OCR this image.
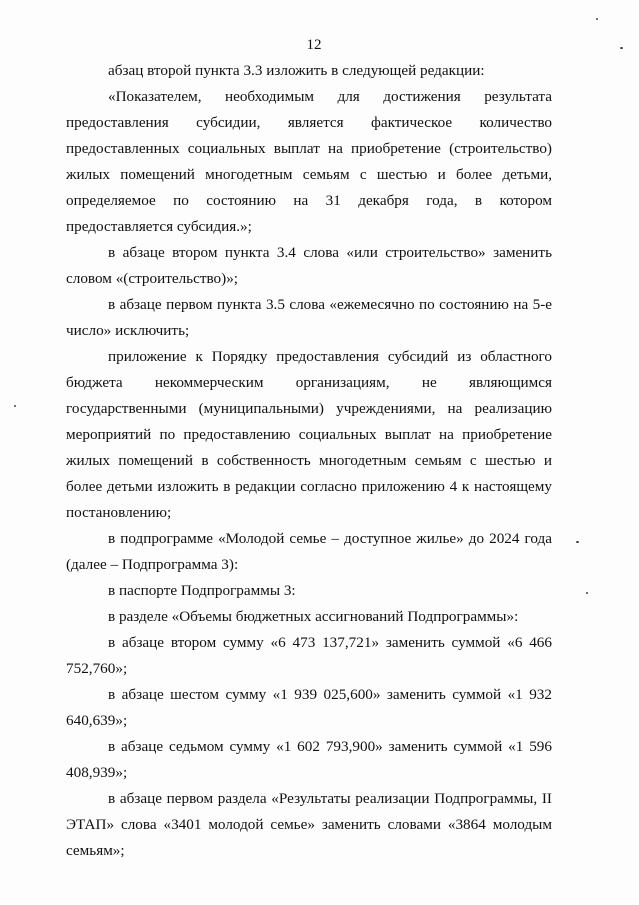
12

абзац второй пункта 3.3 изложить в следующей редакции:

«Показателем, необходимым для достижения результата предоставления субсидии, является фактическое количество предоставленных социальных выплат на приобретение (строительство) жилых помещений многодетным семьям с шестью и более детьми, определяемое по состоянию на 31 декабря года, в котором предоставляется субсидия.»;

в абзаце втором пункта 3.4 слова «или строительство» заменить словом «(строительство)»;

в абзаце первом пункта 3.5 слова «ежемесячно по состоянию на 5-е число» исключить;

приложение к Порядку предоставления субсидий из областного бюджета некоммерческим организациям, не являющимся государственными (муниципальными) учреждениями, на реализацию мероприятий по предоставлению социальных выплат на приобретение жилых помещений в собственность многодетным семьям с шестью и более детьми изложить в редакции согласно приложению 4 к настоящему постановлению;

в подпрограмме «Молодой семье – доступное жилье» до 2024 года (далее – Подпрограмма 3):

в паспорте Подпрограммы 3:

в разделе «Объемы бюджетных ассигнований Подпрограммы»:

в абзаце втором сумму «6 473 137,721» заменить суммой «6 466 752,760»;

в абзаце шестом сумму «1 939 025,600» заменить суммой «1 932 640,639»;

в абзаце седьмом сумму «1 602 793,900» заменить суммой «1 596 408,939»;

в абзаце первом раздела «Результаты реализации Подпрограммы, II ЭТАП» слова «3401 молодой семье» заменить словами «3864 молодым семьям»;
